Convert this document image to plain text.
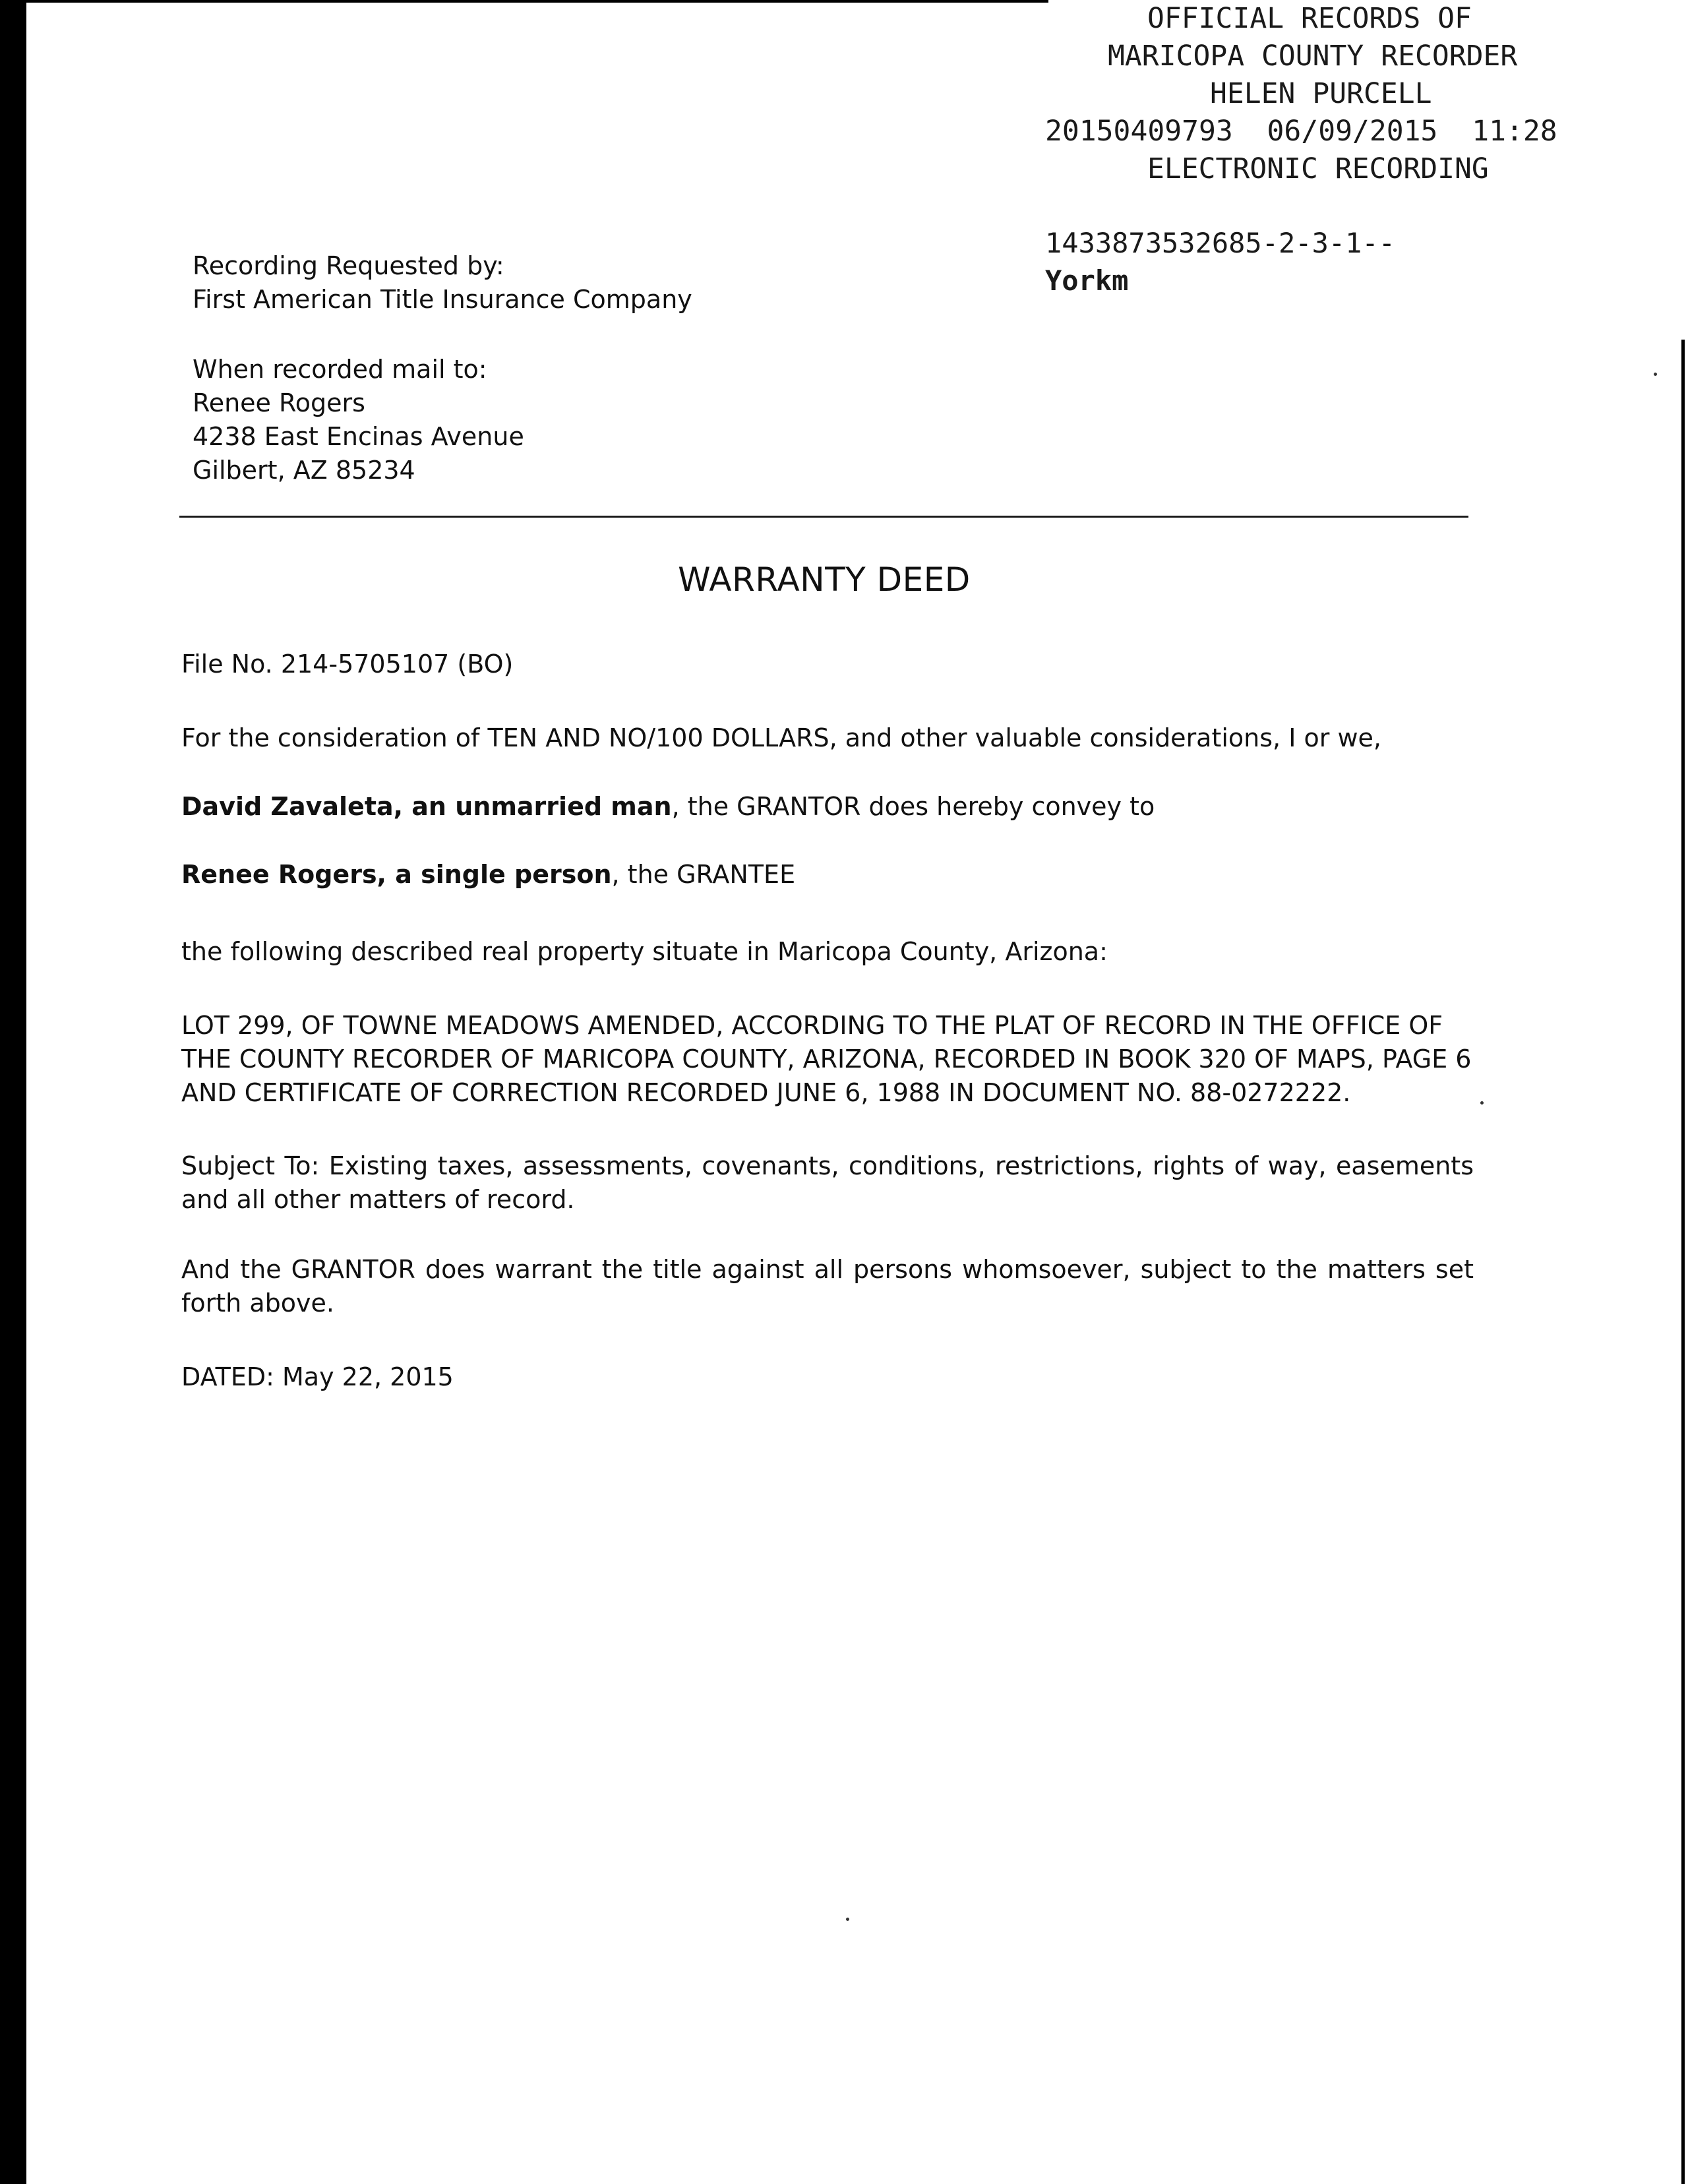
OFFICIAL RECORDS OF
MARICOPA COUNTY RECORDER
HELEN PURCELL
20150409793  06/09/2015  11:28
ELECTRONIC RECORDING
1433873532685-2-3-1--
Yorkm
Recording Requested by:
First American Title Insurance Company
When recorded mail to:
Renee Rogers
4238 East Encinas Avenue
Gilbert, AZ 85234
WARRANTY DEED
File No. 214-5705107 (BO)
For the consideration of TEN AND NO/100 DOLLARS, and other valuable considerations, I or we,
David Zavaleta, an unmarried man, the GRANTOR does hereby convey to
Renee Rogers, a single person, the GRANTEE
the following described real property situate in Maricopa County, Arizona:
LOT 299, OF TOWNE MEADOWS AMENDED, ACCORDING TO THE PLAT OF RECORD IN THE OFFICE OF
THE COUNTY RECORDER OF MARICOPA COUNTY, ARIZONA, RECORDED IN BOOK 320 OF MAPS, PAGE 6
AND CERTIFICATE OF CORRECTION RECORDED JUNE 6, 1988 IN DOCUMENT NO. 88-0272222.
Subject To: Existing taxes, assessments, covenants, conditions, restrictions, rights of way, easements and all other matters of record.
And the GRANTOR does warrant the title against all persons whomsoever, subject to the matters set forth above.
DATED: May 22, 2015
